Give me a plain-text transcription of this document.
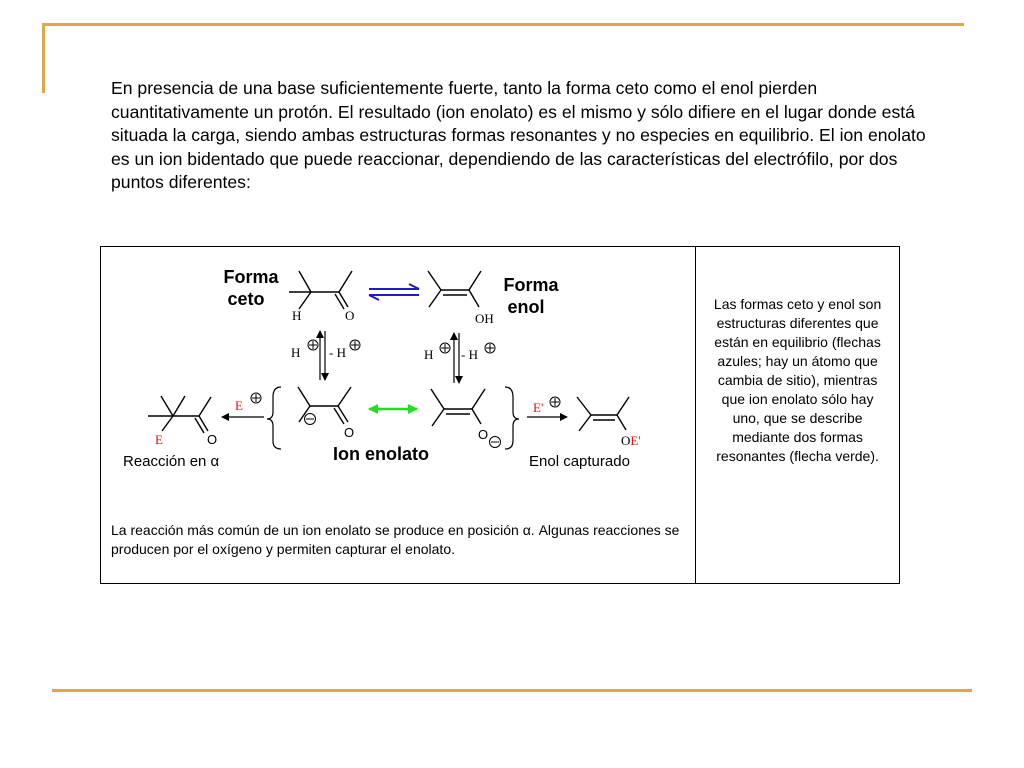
En presencia de una base suficientemente fuerte, tanto la forma ceto como el enol pierden cuantitativamente un protón. El resultado (ion enolato) es el mismo y sólo difiere en el lugar donde está situada la carga, siendo ambas estructuras formas resonantes y no especies en equilibrio. El ion enolato es un ion bidentado que puede reaccionar, dependiendo de las características del electrófilo, por dos puntos diferentes:

Forma
ceto
H	O	OH
Forma
enol
H - H	H - H
E	O
E
O	O
E'
OE'
Reacción en α	Ion enolato	Enol capturado
La reacción más común de un ion enolato se produce en posición α. Algunas reacciones se producen por el oxígeno y permiten capturar el enolato.

Las formas ceto y enol son estructuras diferentes que están en equilibrio (flechas azules; hay un átomo que cambia de sitio), mientras que ion enolato sólo hay uno, que se describe mediante dos formas resonantes (flecha verde).
